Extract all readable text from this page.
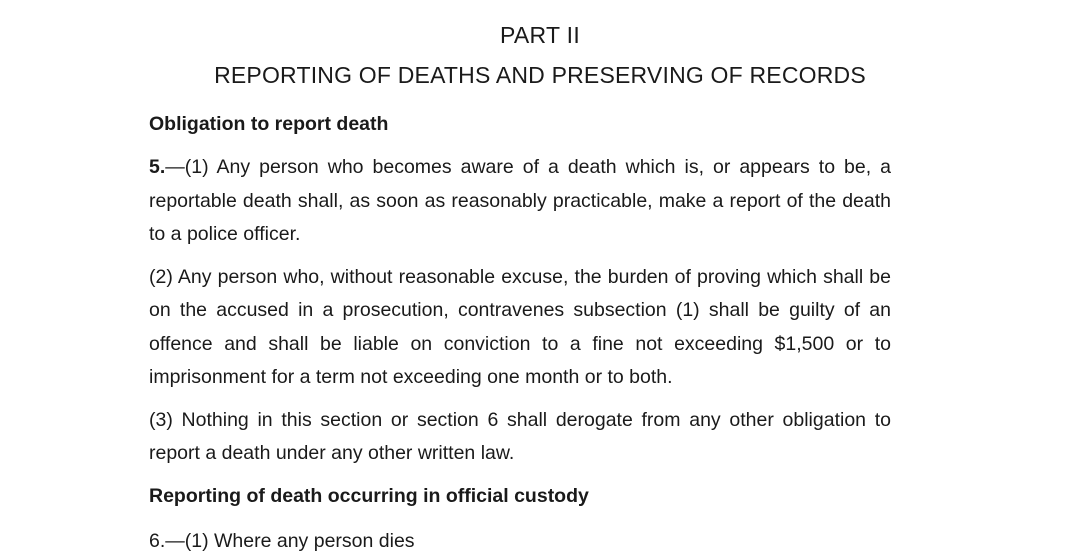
PART II
REPORTING OF DEATHS AND PRESERVING OF RECORDS

Obligation to report death

5.—(1) Any person who becomes aware of a death which is, or appears to be, a reportable death shall, as soon as reasonably practicable, make a report of the death to a police officer.

(2) Any person who, without reasonable excuse, the burden of proving which shall be on the accused in a prosecution, contravenes subsection (1) shall be guilty of an offence and shall be liable on conviction to a fine not exceeding $1,500 or to imprisonment for a term not exceeding one month or to both.

(3) Nothing in this section or section 6 shall derogate from any other obligation to report a death under any other written law.

Reporting of death occurring in official custody

6.—(1) Where any person dies
